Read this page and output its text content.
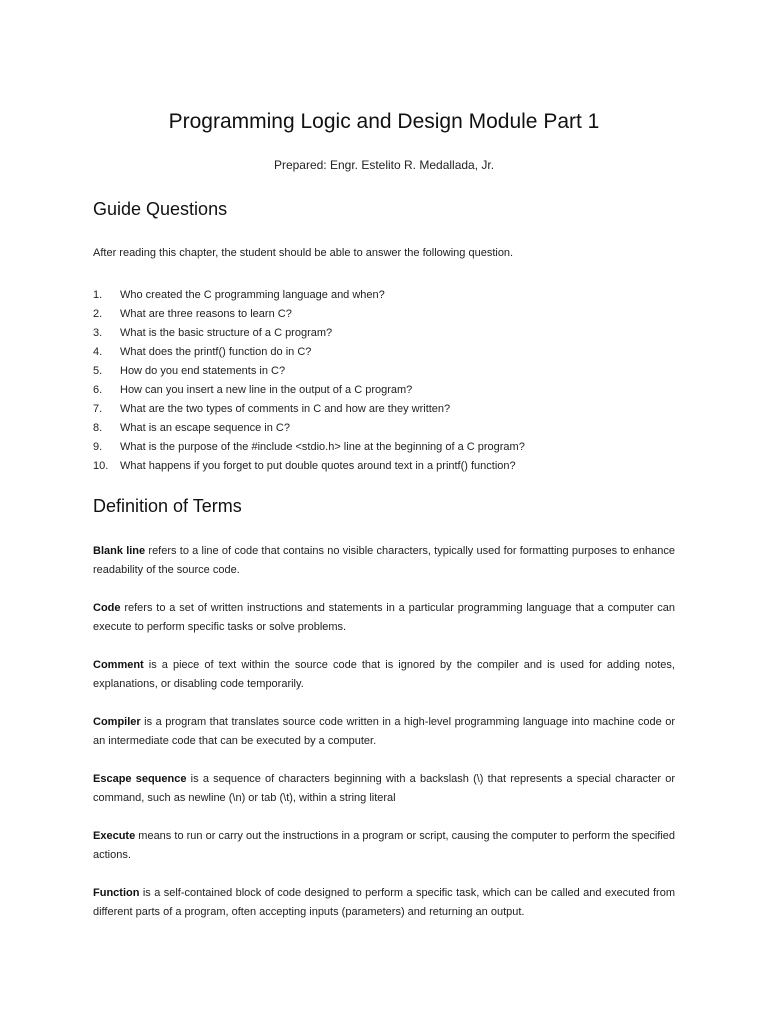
Programming Logic and Design Module Part 1

Prepared: Engr. Estelito R. Medallada, Jr.

Guide Questions

After reading this chapter, the student should be able to answer the following question.

1.	Who created the C programming language and when?
2.	What are three reasons to learn C?
3.	What is the basic structure of a C program?
4.	What does the printf() function do in C?
5.	How do you end statements in C?
6.	How can you insert a new line in the output of a C program?
7.	What are the two types of comments in C and how are they written?
8.	What is an escape sequence in C?
9.	What is the purpose of the #include <stdio.h> line at the beginning of a C program?
10.	What happens if you forget to put double quotes around text in a printf() function?
Definition of Terms

Blank line refers to a line of code that contains no visible characters, typically used for formatting purposes to enhance readability of the source code.

Code refers to a set of written instructions and statements in a particular programming language that a computer can execute to perform specific tasks or solve problems.

Comment is a piece of text within the source code that is ignored by the compiler and is used for adding notes, explanations, or disabling code temporarily.

Compiler is a program that translates source code written in a high-level programming language into machine code or an intermediate code that can be executed by a computer.

Escape sequence is a sequence of characters beginning with a backslash (\) that represents a special character or command, such as newline (\n) or tab (\t), within a string literal

Execute means to run or carry out the instructions in a program or script, causing the computer to perform the specified actions.

Function is a self-contained block of code designed to perform a specific task, which can be called and executed from different parts of a program, often accepting inputs (parameters) and returning an output.
